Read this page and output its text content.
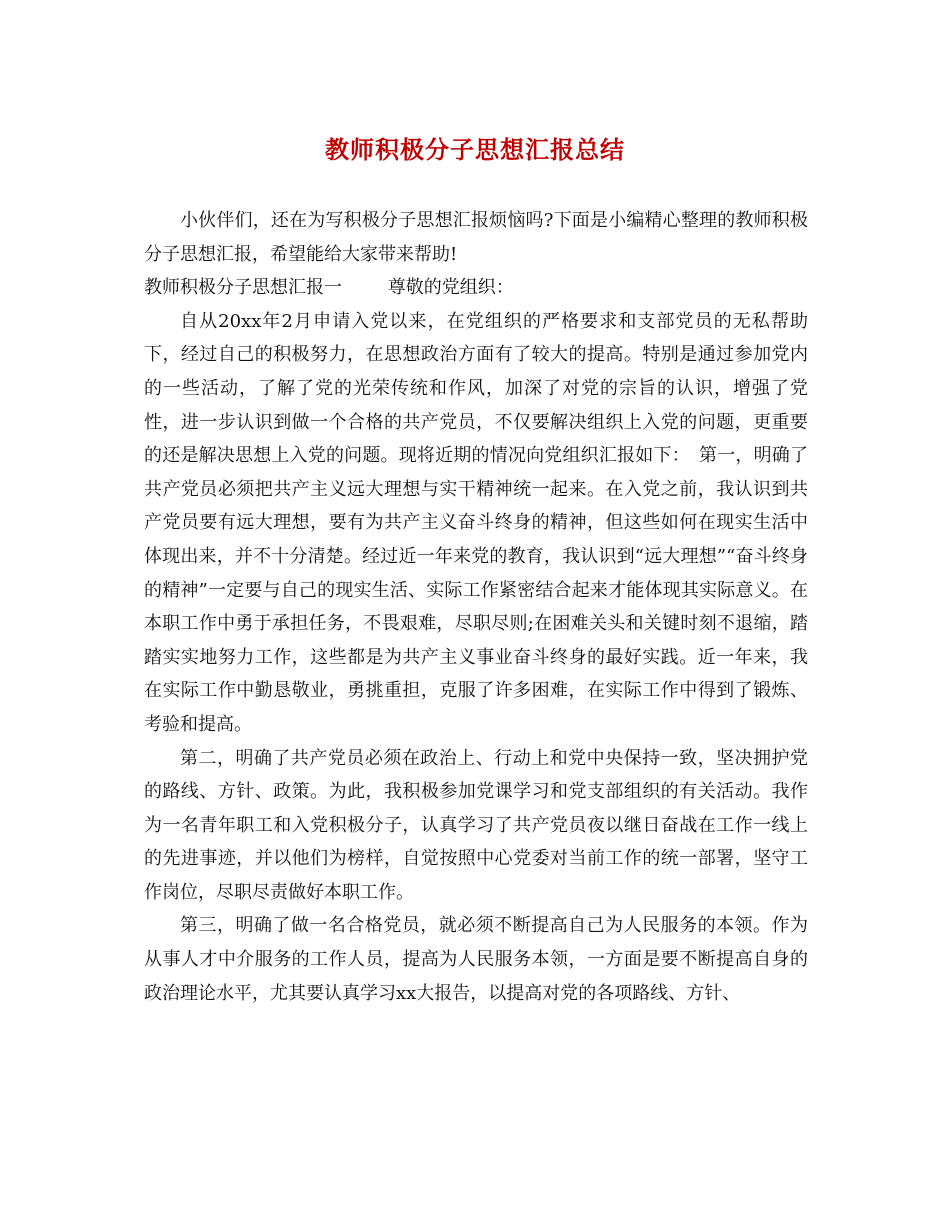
教师积极分子思想汇报总结

小伙伴们，还在为写积极分子思想汇报烦恼吗?下面是小编精心整理的教师积极分子思想汇报，希望能给大家带来帮助!

教师积极分子思想汇报一	尊敬的党组织：

自从20xx年2月申请入党以来，在党组织的严格要求和支部党员的无私帮助下，经过自己的积极努力，在思想政治方面有了较大的提高。特别是通过参加党内的一些活动，了解了党的光荣传统和作风，加深了对党的宗旨的认识，增强了党性，进一步认识到做一个合格的共产党员，不仅要解决组织上入党的问题，更重要的还是解决思想上入党的问题。现将近期的情况向党组织汇报如下：　第一，明确了共产党员必须把共产主义远大理想与实干精神统一起来。在入党之前，我认识到共产党员要有远大理想，要有为共产主义奋斗终身的精神，但这些如何在现实生活中体现出来，并不十分清楚。经过近一年来党的教育，我认识到“远大理想”“奋斗终身的精神”一定要与自己的现实生活、实际工作紧密结合起来才能体现其实际意义。在本职工作中勇于承担任务，不畏艰难，尽职尽则;在困难关头和关键时刻不退缩，踏踏实实地努力工作，这些都是为共产主义事业奋斗终身的最好实践。近一年来，我在实际工作中勤恳敬业，勇挑重担，克服了许多困难，在实际工作中得到了锻炼、考验和提高。

第二，明确了共产党员必须在政治上、行动上和党中央保持一致，坚决拥护党的路线、方针、政策。为此，我积极参加党课学习和党支部组织的有关活动。我作为一名青年职工和入党积极分子，认真学习了共产党员夜以继日奋战在工作一线上的先进事迹，并以他们为榜样，自觉按照中心党委对当前工作的统一部署，坚守工作岗位，尽职尽责做好本职工作。

第三，明确了做一名合格党员，就必须不断提高自己为人民服务的本领。作为从事人才中介服务的工作人员，提高为人民服务本领，一方面是要不断提高自身的政治理论水平，尤其要认真学习xx大报告，以提高对党的各项路线、方针、
